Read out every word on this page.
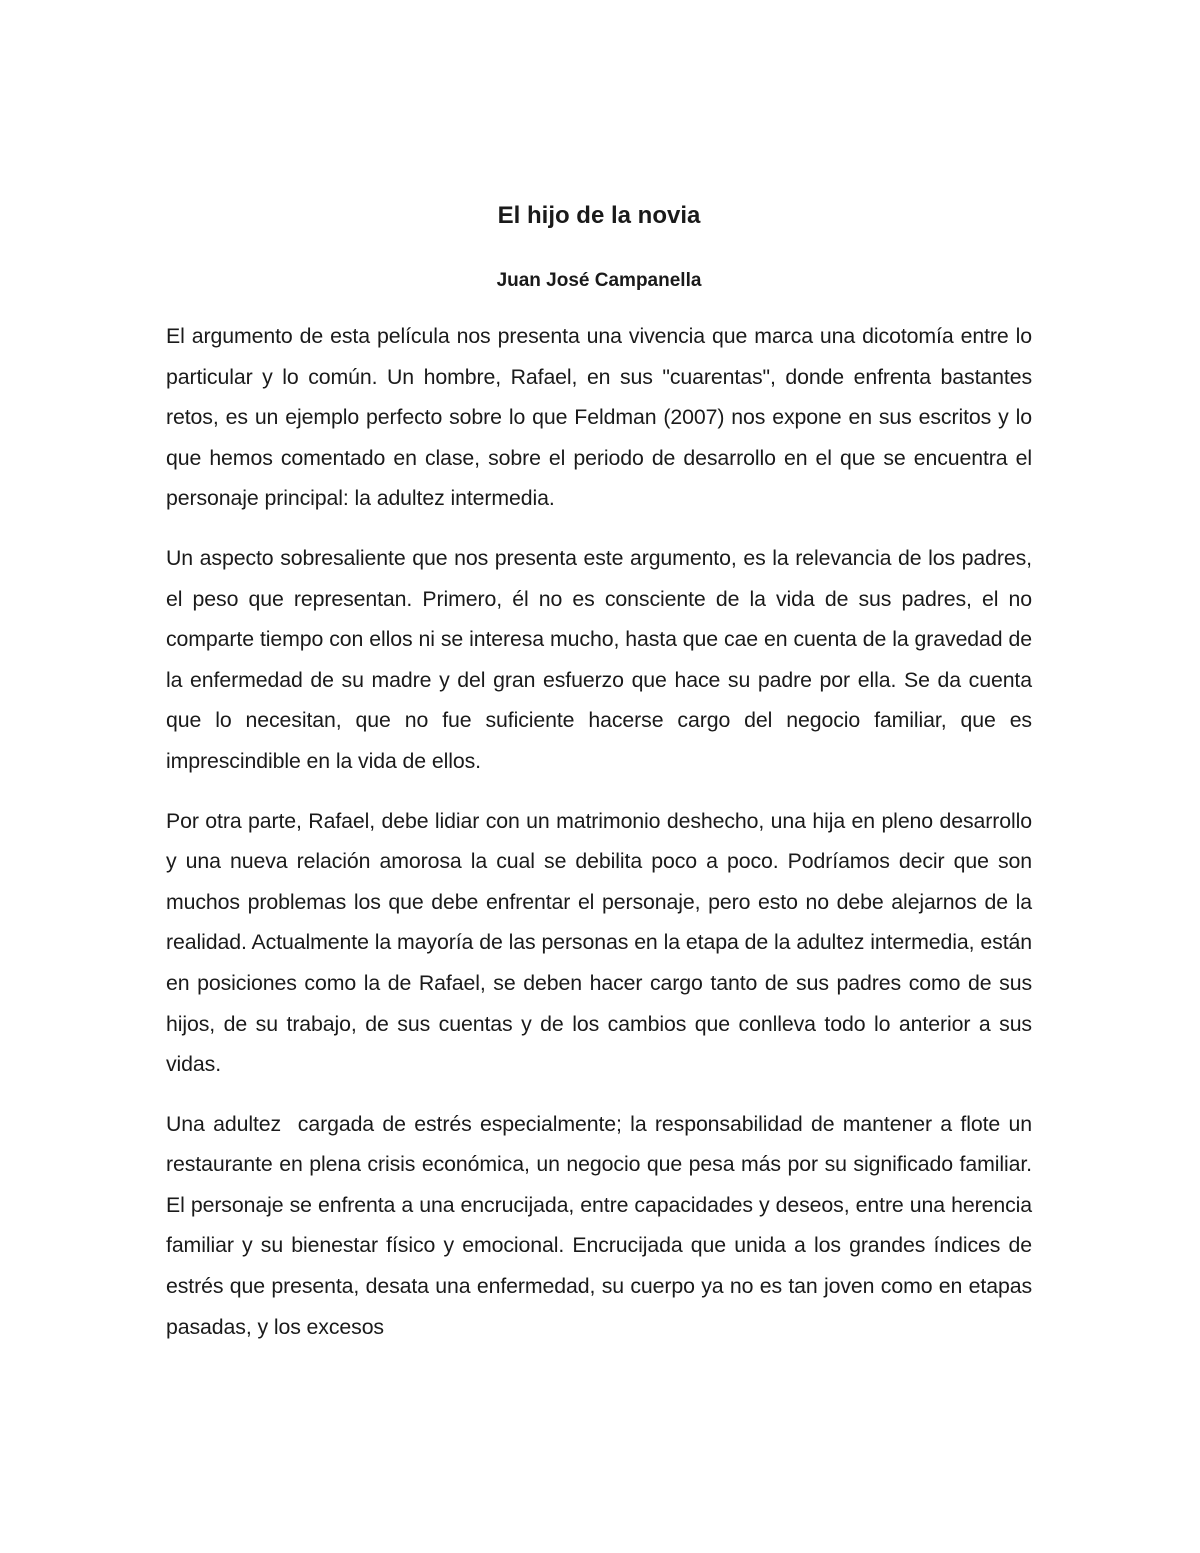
El hijo de la novia
Juan José Campanella

El argumento de esta película nos presenta una vivencia que marca una dicotomía entre lo particular y lo común. Un hombre, Rafael, en sus "cuarentas", donde enfrenta bastantes retos, es un ejemplo perfecto sobre lo que Feldman (2007) nos expone en sus escritos y lo que hemos comentado en clase, sobre el periodo de desarrollo en el que se encuentra el personaje principal: la adultez intermedia.

Un aspecto sobresaliente que nos presenta este argumento, es la relevancia de los padres, el peso que representan. Primero, él no es consciente de la vida de sus padres, el no comparte tiempo con ellos ni se interesa mucho, hasta que cae en cuenta de la gravedad de la enfermedad de su madre y del gran esfuerzo que hace su padre por ella. Se da cuenta que lo necesitan, que no fue suficiente hacerse cargo del negocio familiar, que es imprescindible en la vida de ellos.

Por otra parte, Rafael, debe lidiar con un matrimonio deshecho, una hija en pleno desarrollo y una nueva relación amorosa la cual se debilita poco a poco. Podríamos decir que son muchos problemas los que debe enfrentar el personaje, pero esto no debe alejarnos de la realidad. Actualmente la mayoría de las personas en la etapa de la adultez intermedia, están en posiciones como la de Rafael, se deben hacer cargo tanto de sus padres como de sus hijos, de su trabajo, de sus cuentas y de los cambios que conlleva todo lo anterior a sus vidas.

Una adultez  cargada de estrés especialmente; la responsabilidad de mantener a flote un restaurante en plena crisis económica, un negocio que pesa más por su significado familiar. El personaje se enfrenta a una encrucijada, entre capacidades y deseos, entre una herencia familiar y su bienestar físico y emocional. Encrucijada que unida a los grandes índices de estrés que presenta, desata una enfermedad, su cuerpo ya no es tan joven como en etapas pasadas, y los excesos
